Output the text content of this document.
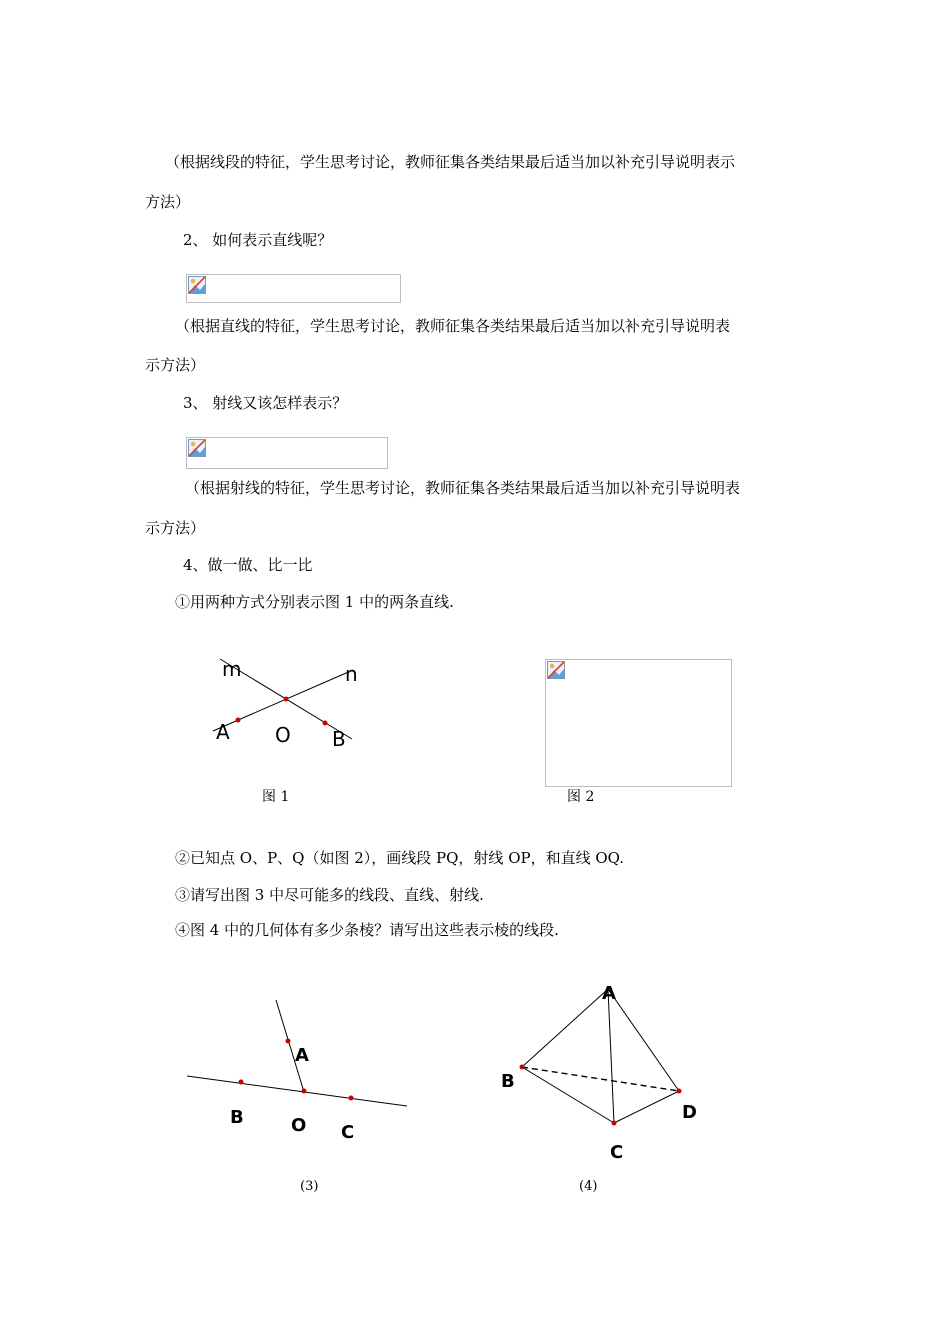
（根据线段的特征，学生思考讨论，教师征集各类结果最后适当加以补充引导说明表示
方法）
2、 如何表示直线呢？
（根据直线的特征，学生思考讨论，教师征集各类结果最后适当加以补充引导说明表
示方法）
3、 射线又该怎样表示？
（根据射线的特征，学生思考讨论，教师征集各类结果最后适当加以补充引导说明表
示方法）
4、做一做、比一比
①用两种方式分别表示图 1 中的两条直线.
m	n
A O B
图 1	图 2
②已知点 O、P、Q（如图 2），画线段 PQ，射线 OP，和直线 OQ.
③请写出图 3 中尽可能多的线段、直线、射线.
④图 4 中的几何体有多少条棱？请写出这些表示棱的线段.
A
B	O C
(3)
A
B
C
D
(4)
